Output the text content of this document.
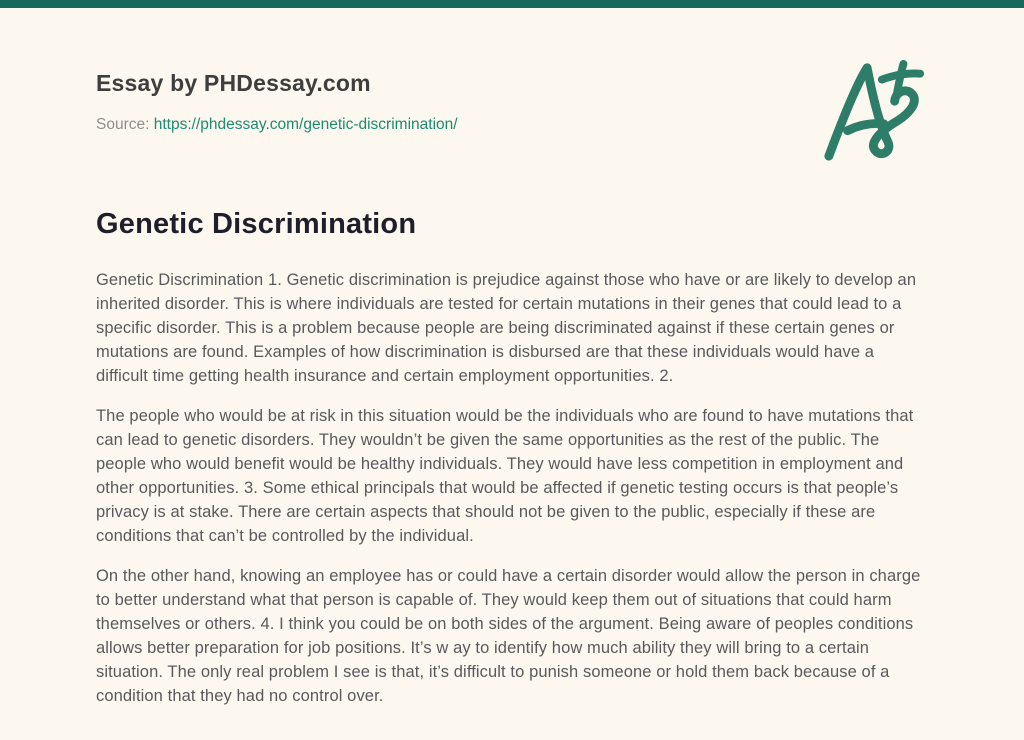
Essay by PHDessay.com
Source: https://phdessay.com/genetic-discrimination/
Genetic Discrimination

Genetic Discrimination 1. Genetic discrimination is prejudice against those who have or are likely to develop an inherited disorder. This is where individuals are tested for certain mutations in their genes that could lead to a specific disorder. This is a problem because people are being discriminated against if these certain genes or mutations are found. Examples of how discrimination is disbursed are that these individuals would have a difficult time getting health insurance and certain employment opportunities. 2.

The people who would be at risk in this situation would be the individuals who are found to have mutations that can lead to genetic disorders. They wouldn’t be given the same opportunities as the rest of the public. The people who would benefit would be healthy individuals. They would have less competition in employment and other opportunities. 3. Some ethical principals that would be affected if genetic testing occurs is that people’s privacy is at stake. There are certain aspects that should not be given to the public, especially if these are conditions that can’t be controlled by the individual.

On the other hand, knowing an employee has or could have a certain disorder would allow the person in charge to better understand what that person is capable of. They would keep them out of situations that could harm themselves or others. 4. I think you could be on both sides of the argument. Being aware of peoples conditions allows better preparation for job positions. It’s w ay to identify how much ability they will bring to a certain situation. The only real problem I see is that, it’s difficult to punish someone or hold them back because of a condition that they had no control over.
